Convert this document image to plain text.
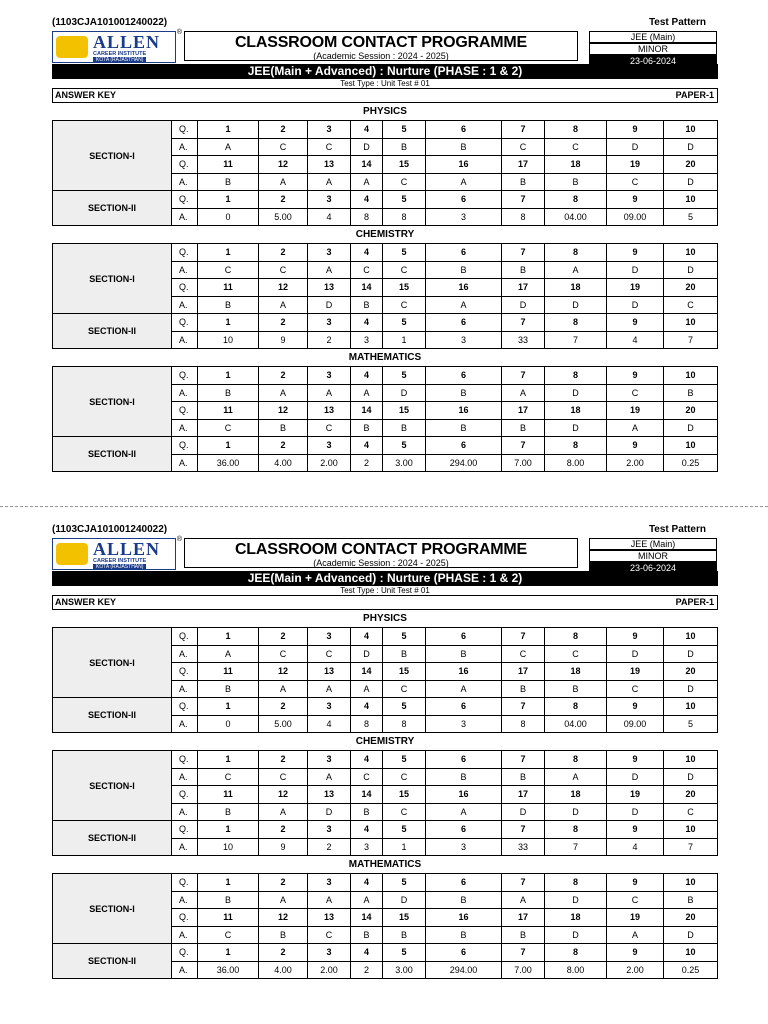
(1103CJA101001240022)	Test Pattern
ALLEN
CAREER INSTITUTE
KOTA (RAJASTHAN)
®
CLASSROOM CONTACT PROGRAMME
(Academic Session : 2024 - 2025)
JEE (Main)
MINOR
23-06-2024
JEE(Main + Advanced) : Nurture (PHASE : 1 & 2)
Test Type : Unit Test # 01
ANSWER KEY	PAPER-1
PHYSICS
SECTION-I	Q.	1	2	3	4	5	6	7	8	9	10
	A.	A	C	C	D	B	B	C	C	D	D
	Q.	11	12	13	14	15	16	17	18	19	20
	A.	B	A	A	A	C	A	B	B	C	D
SECTION-II	Q.	1	2	3	4	5	6	7	8	9	10
	A.	0	5.00	4	8	8	3	8	04.00	09.00	5
CHEMISTRY
SECTION-I	Q.	1	2	3	4	5	6	7	8	9	10
	A.	C	C	A	C	C	B	B	A	D	D
	Q.	11	12	13	14	15	16	17	18	19	20
	A.	B	A	D	B	C	A	D	D	D	C
SECTION-II	Q.	1	2	3	4	5	6	7	8	9	10
	A.	10	9	2	3	1	3	33	7	4	7
MATHEMATICS
SECTION-I	Q.	1	2	3	4	5	6	7	8	9	10
	A.	B	A	A	A	D	B	A	D	C	B
	Q.	11	12	13	14	15	16	17	18	19	20
	A.	C	B	C	B	B	B	B	D	A	D
SECTION-II	Q.	1	2	3	4	5	6	7	8	9	10
	A.	36.00	4.00	2.00	2	3.00	294.00	7.00	8.00	2.00	0.25
(1103CJA101001240022)	Test Pattern
ALLEN
CAREER INSTITUTE
KOTA (RAJASTHAN)
®
CLASSROOM CONTACT PROGRAMME
(Academic Session : 2024 - 2025)
JEE (Main)
MINOR
23-06-2024
JEE(Main + Advanced) : Nurture (PHASE : 1 & 2)
Test Type : Unit Test # 01
ANSWER KEY	PAPER-1
PHYSICS
SECTION-I	Q.	1	2	3	4	5	6	7	8	9	10
	A.	A	C	C	D	B	B	C	C	D	D
	Q.	11	12	13	14	15	16	17	18	19	20
	A.	B	A	A	A	C	A	B	B	C	D
SECTION-II	Q.	1	2	3	4	5	6	7	8	9	10
	A.	0	5.00	4	8	8	3	8	04.00	09.00	5
CHEMISTRY
SECTION-I	Q.	1	2	3	4	5	6	7	8	9	10
	A.	C	C	A	C	C	B	B	A	D	D
	Q.	11	12	13	14	15	16	17	18	19	20
	A.	B	A	D	B	C	A	D	D	D	C
SECTION-II	Q.	1	2	3	4	5	6	7	8	9	10
	A.	10	9	2	3	1	3	33	7	4	7
MATHEMATICS
SECTION-I	Q.	1	2	3	4	5	6	7	8	9	10
	A.	B	A	A	A	D	B	A	D	C	B
	Q.	11	12	13	14	15	16	17	18	19	20
	A.	C	B	C	B	B	B	B	D	A	D
SECTION-II	Q.	1	2	3	4	5	6	7	8	9	10
	A.	36.00	4.00	2.00	2	3.00	294.00	7.00	8.00	2.00	0.25
